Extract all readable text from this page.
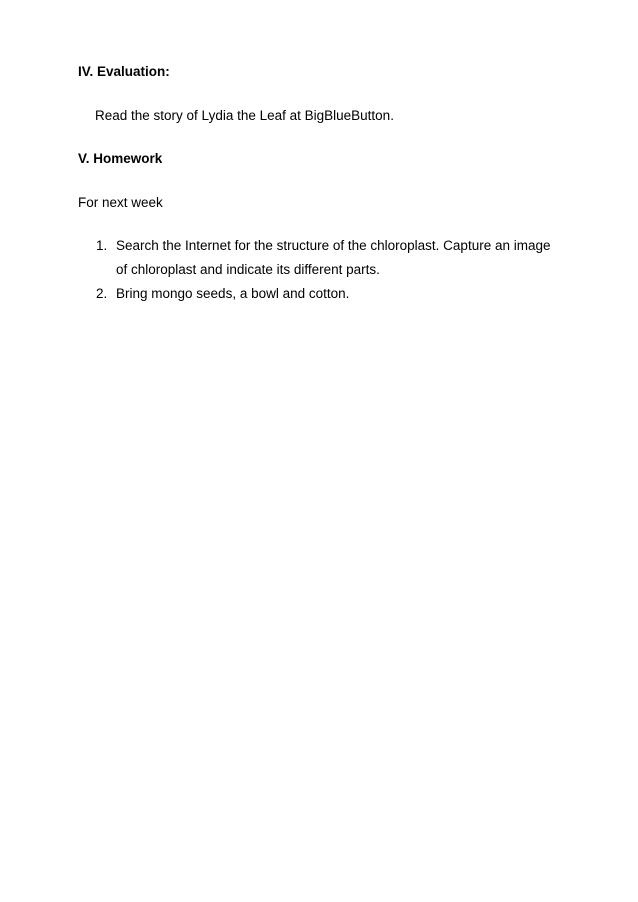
IV. Evaluation:
Read the story of Lydia the Leaf at BigBlueButton.
V. Homework
For next week
1. Search the Internet for the structure of the chloroplast. Capture an image of chloroplast and indicate its different parts.
2. Bring mongo seeds, a bowl and cotton.
